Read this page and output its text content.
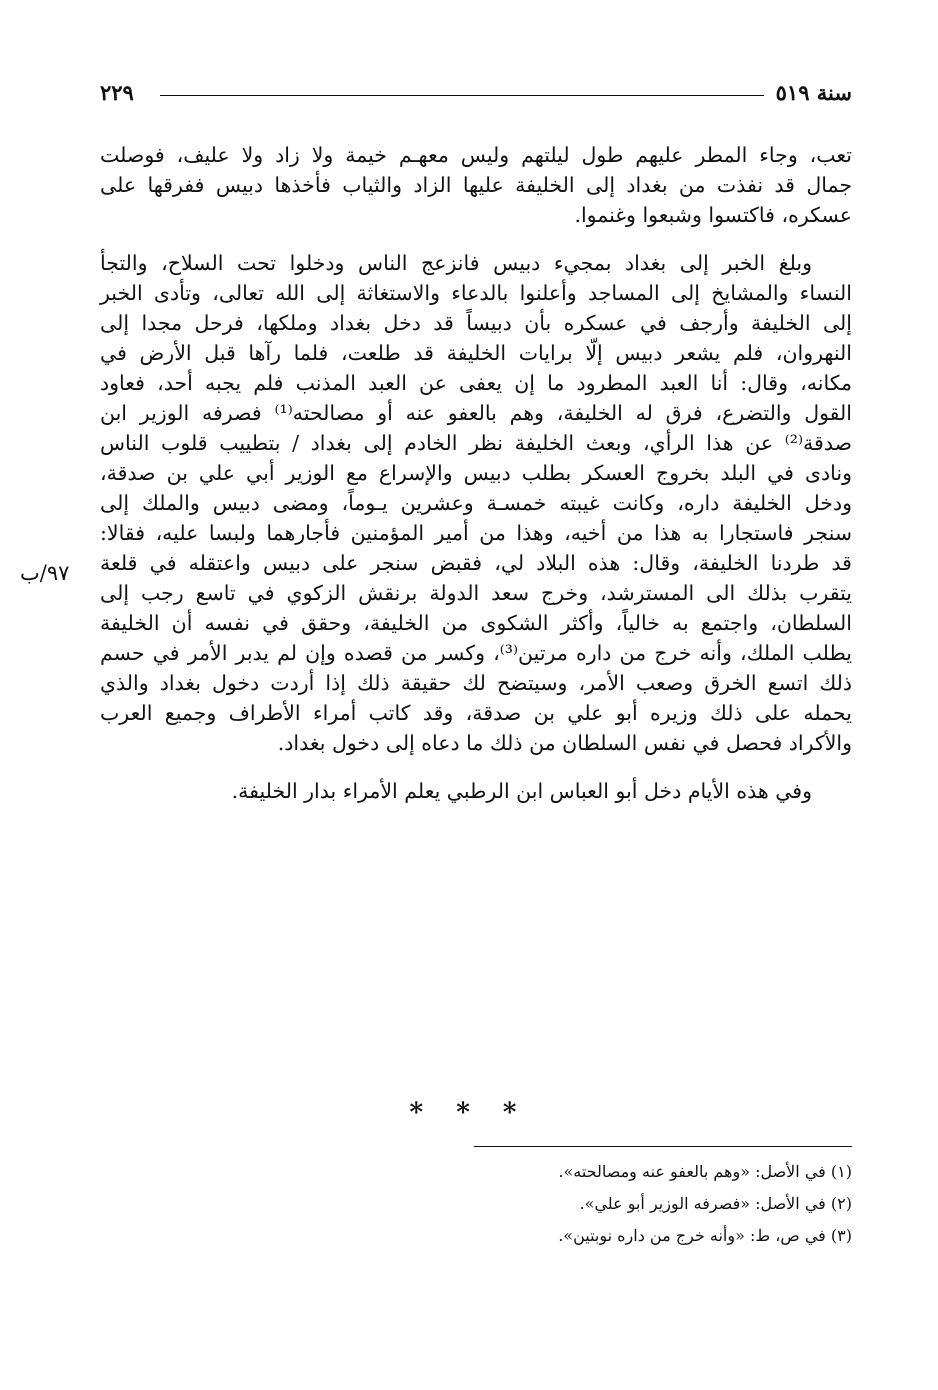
سنة ٥١٩
٢٢٩
٩٧/ب
تعب، وجاء المطر عليهم طول ليلتهم وليس معهـم خيمة ولا زاد ولا عليف، فوصلت
جمال قد نفذت من بغداد إلى الخليفة عليها الزاد والثياب فأخذها دبيس ففرقها على
عسكره، فاكتسوا وشبعوا وغنموا.
وبلغ الخبر إلى بغداد بمجيء دبيس فانزعج الناس ودخلوا تحت السلاح، والتجأ
النساء والمشايخ إلى المساجد وأعلنوا بالدعاء والاستغاثة إلى الله تعالى، وتأدى الخبر
إلى الخليفة وأرجف في عسكره بأن دبيساً قد دخل بغداد وملكها، فرحل مجدا إلى
النهروان، فلم يشعر دبيس إلّا برايات الخليفة قد طلعت، فلما رآها قبل الأرض في
مكانه، وقال: أنا العبد المطرود ما إن يعفى عن العبد المذنب فلم يجبه أحد، فعاود
القول والتضرع، فرق له الخليفة، وهم بالعفو عنه أو مصالحته⁽¹⁾ فصرفه الوزير ابن
صدقة⁽²⁾ عن هذا الرأي، وبعث الخليفة نظر الخادم إلى بغداد / بتطييب قلوب الناس
ونادى في البلد بخروج العسكر بطلب دبيس والإسراع مع الوزير أبي علي بن صدقة،
ودخل الخليفة داره، وكانت غيبته خمسـة وعشرين يـوماً، ومضى دبيس والملك إلى
سنجر فاستجارا به هذا من أخيه، وهذا من أمير المؤمنين فأجارهما ولبسا عليه، فقالا:
قد طردنا الخليفة، وقال: هذه البلاد لي، فقبض سنجر على دبيس واعتقله في قلعة
يتقرب بذلك الى المسترشد، وخرج سعد الدولة برنقش الزكوي في تاسع رجب إلى
السلطان، واجتمع به خالياً، وأكثر الشكوى من الخليفة، وحقق في نفسه أن الخليفة
يطلب الملك، وأنه خرج من داره مرتين⁽³⁾، وكسر من قصده وإن لم يدبر الأمر في حسم
ذلك اتسع الخرق وصعب الأمر، وسيتضح لك حقيقة ذلك إذا أردت دخول بغداد والذي
يحمله على ذلك وزيره أبو علي بن صدقة، وقد كاتب أمراء الأطراف وجميع العرب
والأكراد فحصل في نفس السلطان من ذلك ما دعاه إلى دخول بغداد.
وفي هذه الأيام دخل أبو العباس ابن الرطبي يعلم الأمراء بدار الخليفة.
* * *
(١) في الأصل: «وهم بالعفو عنه ومصالحته».
(٢) في الأصل: «فصرفه الوزير أبو علي».
(٣) في ص، ط: «وأنه خرج من داره نوبتين».
